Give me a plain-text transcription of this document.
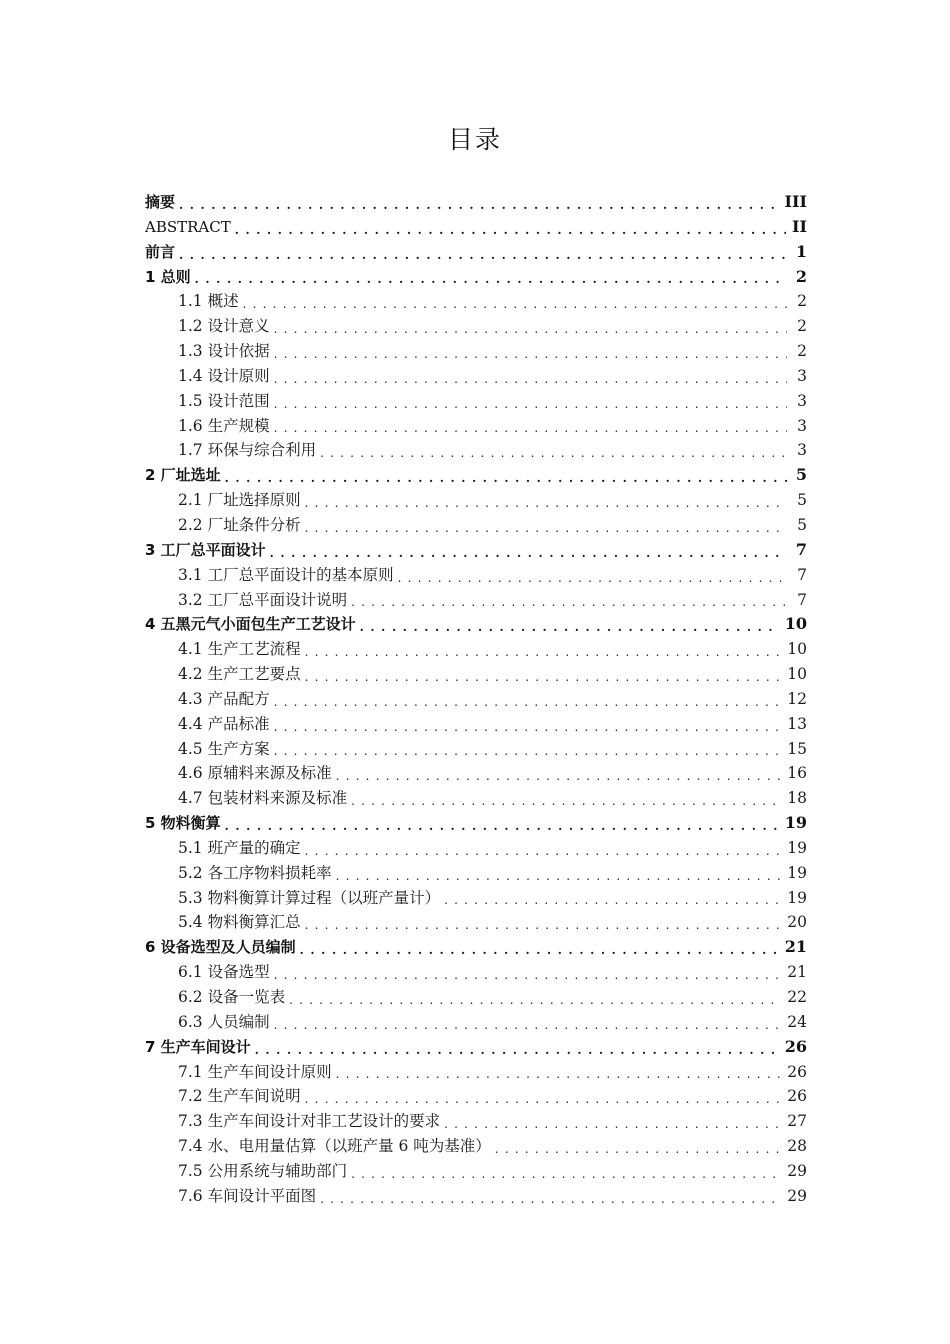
目录
摘要 . . .	III
ABSTRACT . . .	II
前言 . . .	1
1 总则 . . .	2
1.1 概述 . . .	2
1.2 设计意义 . . .	2
1.3 设计依据 . . .	2
1.4 设计原则 . . .	3
1.5 设计范围 . . .	3
1.6 生产规模 . . .	3
1.7 环保与综合利用 . . .	3
2 厂址选址 . . .	5
2.1 厂址选择原则 . . .	5
2.2 厂址条件分析 . . .	5
3 工厂总平面设计 . . .	7
3.1 工厂总平面设计的基本原则 . . .	7
3.2 工厂总平面设计说明 . . .	7
4 五黑元气小面包生产工艺设计 . . .	10
4.1 生产工艺流程 . . .	10
4.2 生产工艺要点 . . .	10
4.3 产品配方 . . .	12
4.4 产品标准 . . .	13
4.5 生产方案 . . .	15
4.6 原辅料来源及标准 . . .	16
4.7 包装材料来源及标准 . . .	18
5 物料衡算 . . .	19
5.1 班产量的确定 . . .	19
5.2 各工序物料损耗率 . . .	19
5.3 物料衡算计算过程（以班产量计） . . .	19
5.4 物料衡算汇总 . . .	20
6 设备选型及人员编制 . . .	21
6.1 设备选型 . . .	21
6.2 设备一览表 . . .	22
6.3 人员编制 . . .	24
7 生产车间设计 . . .	26
7.1 生产车间设计原则 . . .	26
7.2 生产车间说明 . . .	26
7.3 生产车间设计对非工艺设计的要求 . . .	27
7.4 水、电用量估算（以班产量 6 吨为基准） . . .	28
7.5 公用系统与辅助部门 . . .	29
7.6 车间设计平面图 . . .	29
